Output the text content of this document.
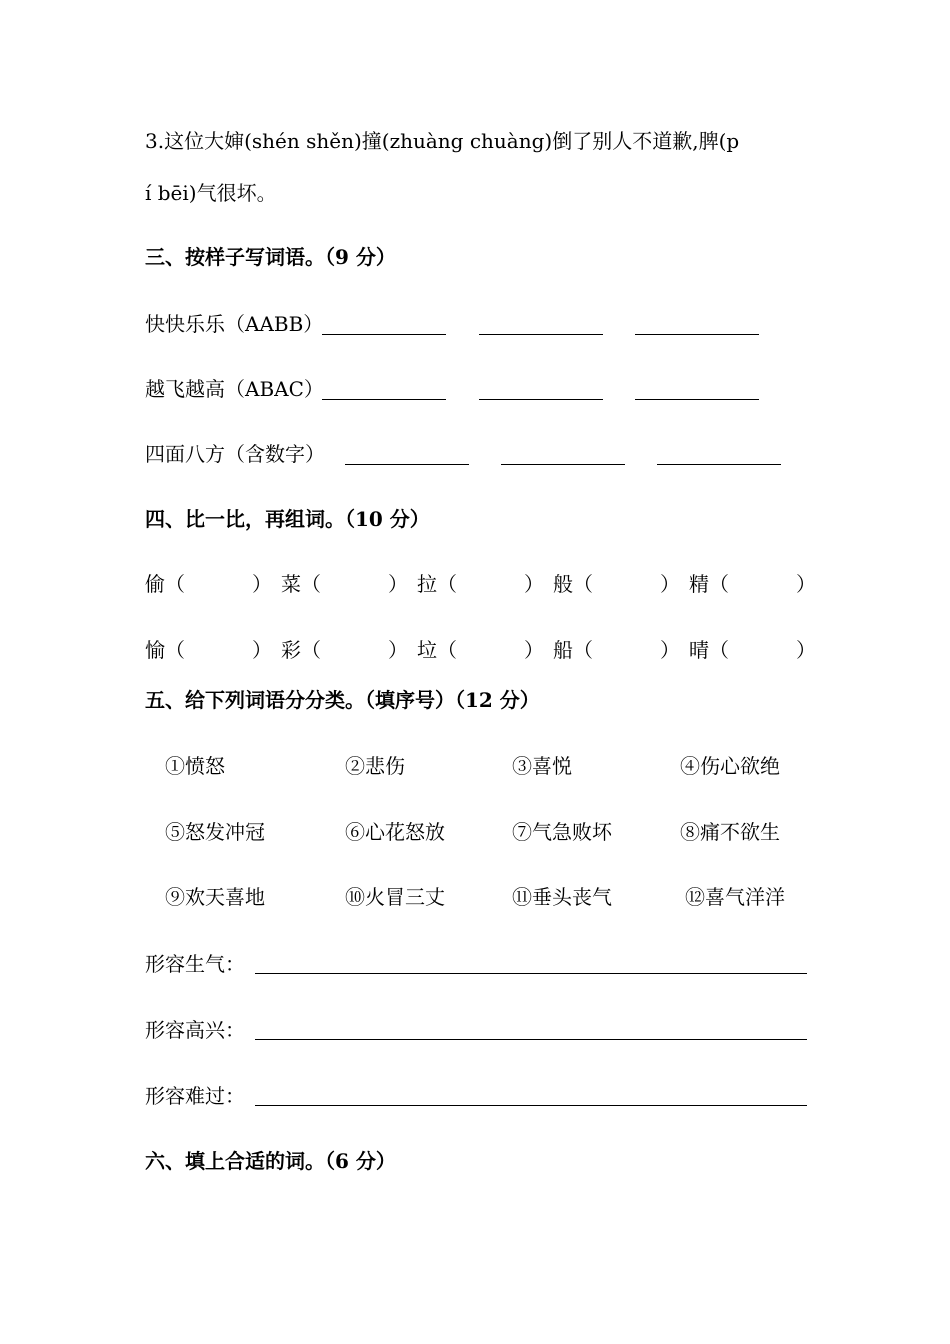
3.这位大婶(shén shěn)撞(zhuàng chuàng)倒了别人不道歉,脾(p
í bēi)气很坏。
三、按样子写词语。（9 分）
快快乐乐（AABB）
越飞越高（ABAC）
四面八方（含数字）
四、比一比，再组词。（10 分）
偷（	） 菜（	） 拉（	） 般（	） 精（	）
愉（	） 彩（	） 垃（	） 船（	） 晴（	）
五、给下列词语分分类。（填序号）（12 分）
①愤怒	②悲伤	③喜悦	④伤心欲绝
⑤怒发冲冠	⑥心花怒放	⑦气急败坏	⑧痛不欲生
⑨欢天喜地	⑩火冒三丈	⑪垂头丧气	⑫喜气洋洋
形容生气：
形容高兴：
形容难过：
六、填上合适的词。（6 分）
